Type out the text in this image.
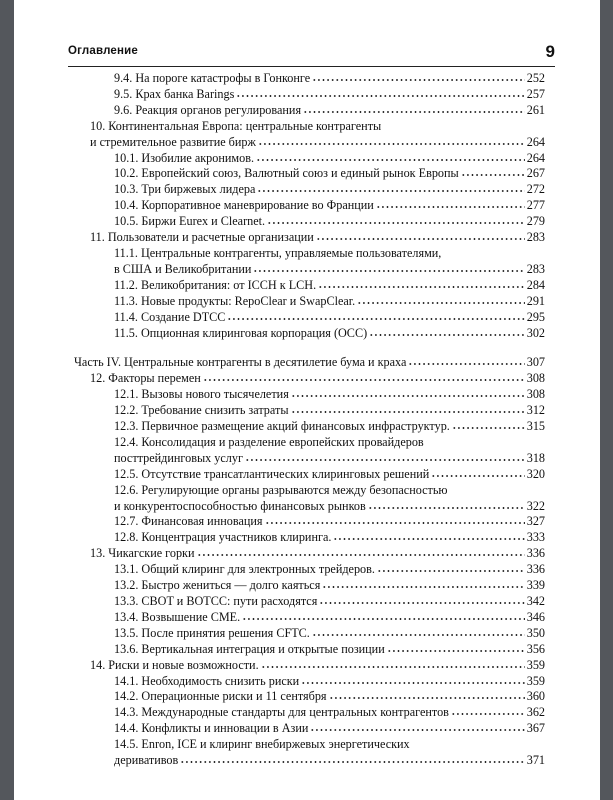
Оглавление	9
9.4. На пороге катастрофы в Гонконге	252
9.5. Крах банка Barings	257
9.6. Реакция органов регулирования	261
10. Континентальная Европа: центральные контрагенты
и стремительное развитие бирж	264
10.1. Изобилие акронимов.	264
10.2. Европейский союз, Валютный союз и единый рынок Европы	267
10.3. Три биржевых лидера	272
10.4. Корпоративное маневрирование во Франции	277
10.5. Биржи Eurex и Clearnet.	279
11. Пользователи и расчетные организации	283
11.1. Центральные контрагенты, управляемые пользователями,
в США и Великобритании	283
11.2. Великобритания: от ICCH к LCH.	284
11.3. Новые продукты: RepoClear и SwapClear.	291
11.4. Создание DTCC	295
11.5. Опционная клиринговая корпорация (OCC)	302
Часть IV. Центральные контрагенты в десятилетие бума и краха	307
12. Факторы перемен	308
12.1. Вызовы нового тысячелетия	308
12.2. Требование снизить затраты	312
12.3. Первичное размещение акций финансовых инфраструктур.	315
12.4. Консолидация и разделение европейских провайдеров
посттрейдинговых услуг	318
12.5. Отсутствие трансатлантических клиринговых решений	320
12.6. Регулирующие органы разрываются между безопасностью
и конкурентоспособностью финансовых рынков	322
12.7. Финансовая инновация	327
12.8. Концентрация участников клиринга.	333
13. Чикагские горки	336
13.1. Общий клиринг для электронных трейдеров.	336
13.2. Быстро жениться — долго каяться	339
13.3. CBOT и BOTCC: пути расходятся	342
13.4. Возвышение CME.	346
13.5. После принятия решения CFTC.	350
13.6. Вертикальная интеграция и открытые позиции	356
14. Риски и новые возможности.	359
14.1. Необходимость снизить риски	359
14.2. Операционные риски и 11 сентября	360
14.3. Международные стандарты для центральных контрагентов	362
14.4. Конфликты и инновации в Азии	367
14.5. Enron, ICE и клиринг внебиржевых энергетических
деривативов	371
